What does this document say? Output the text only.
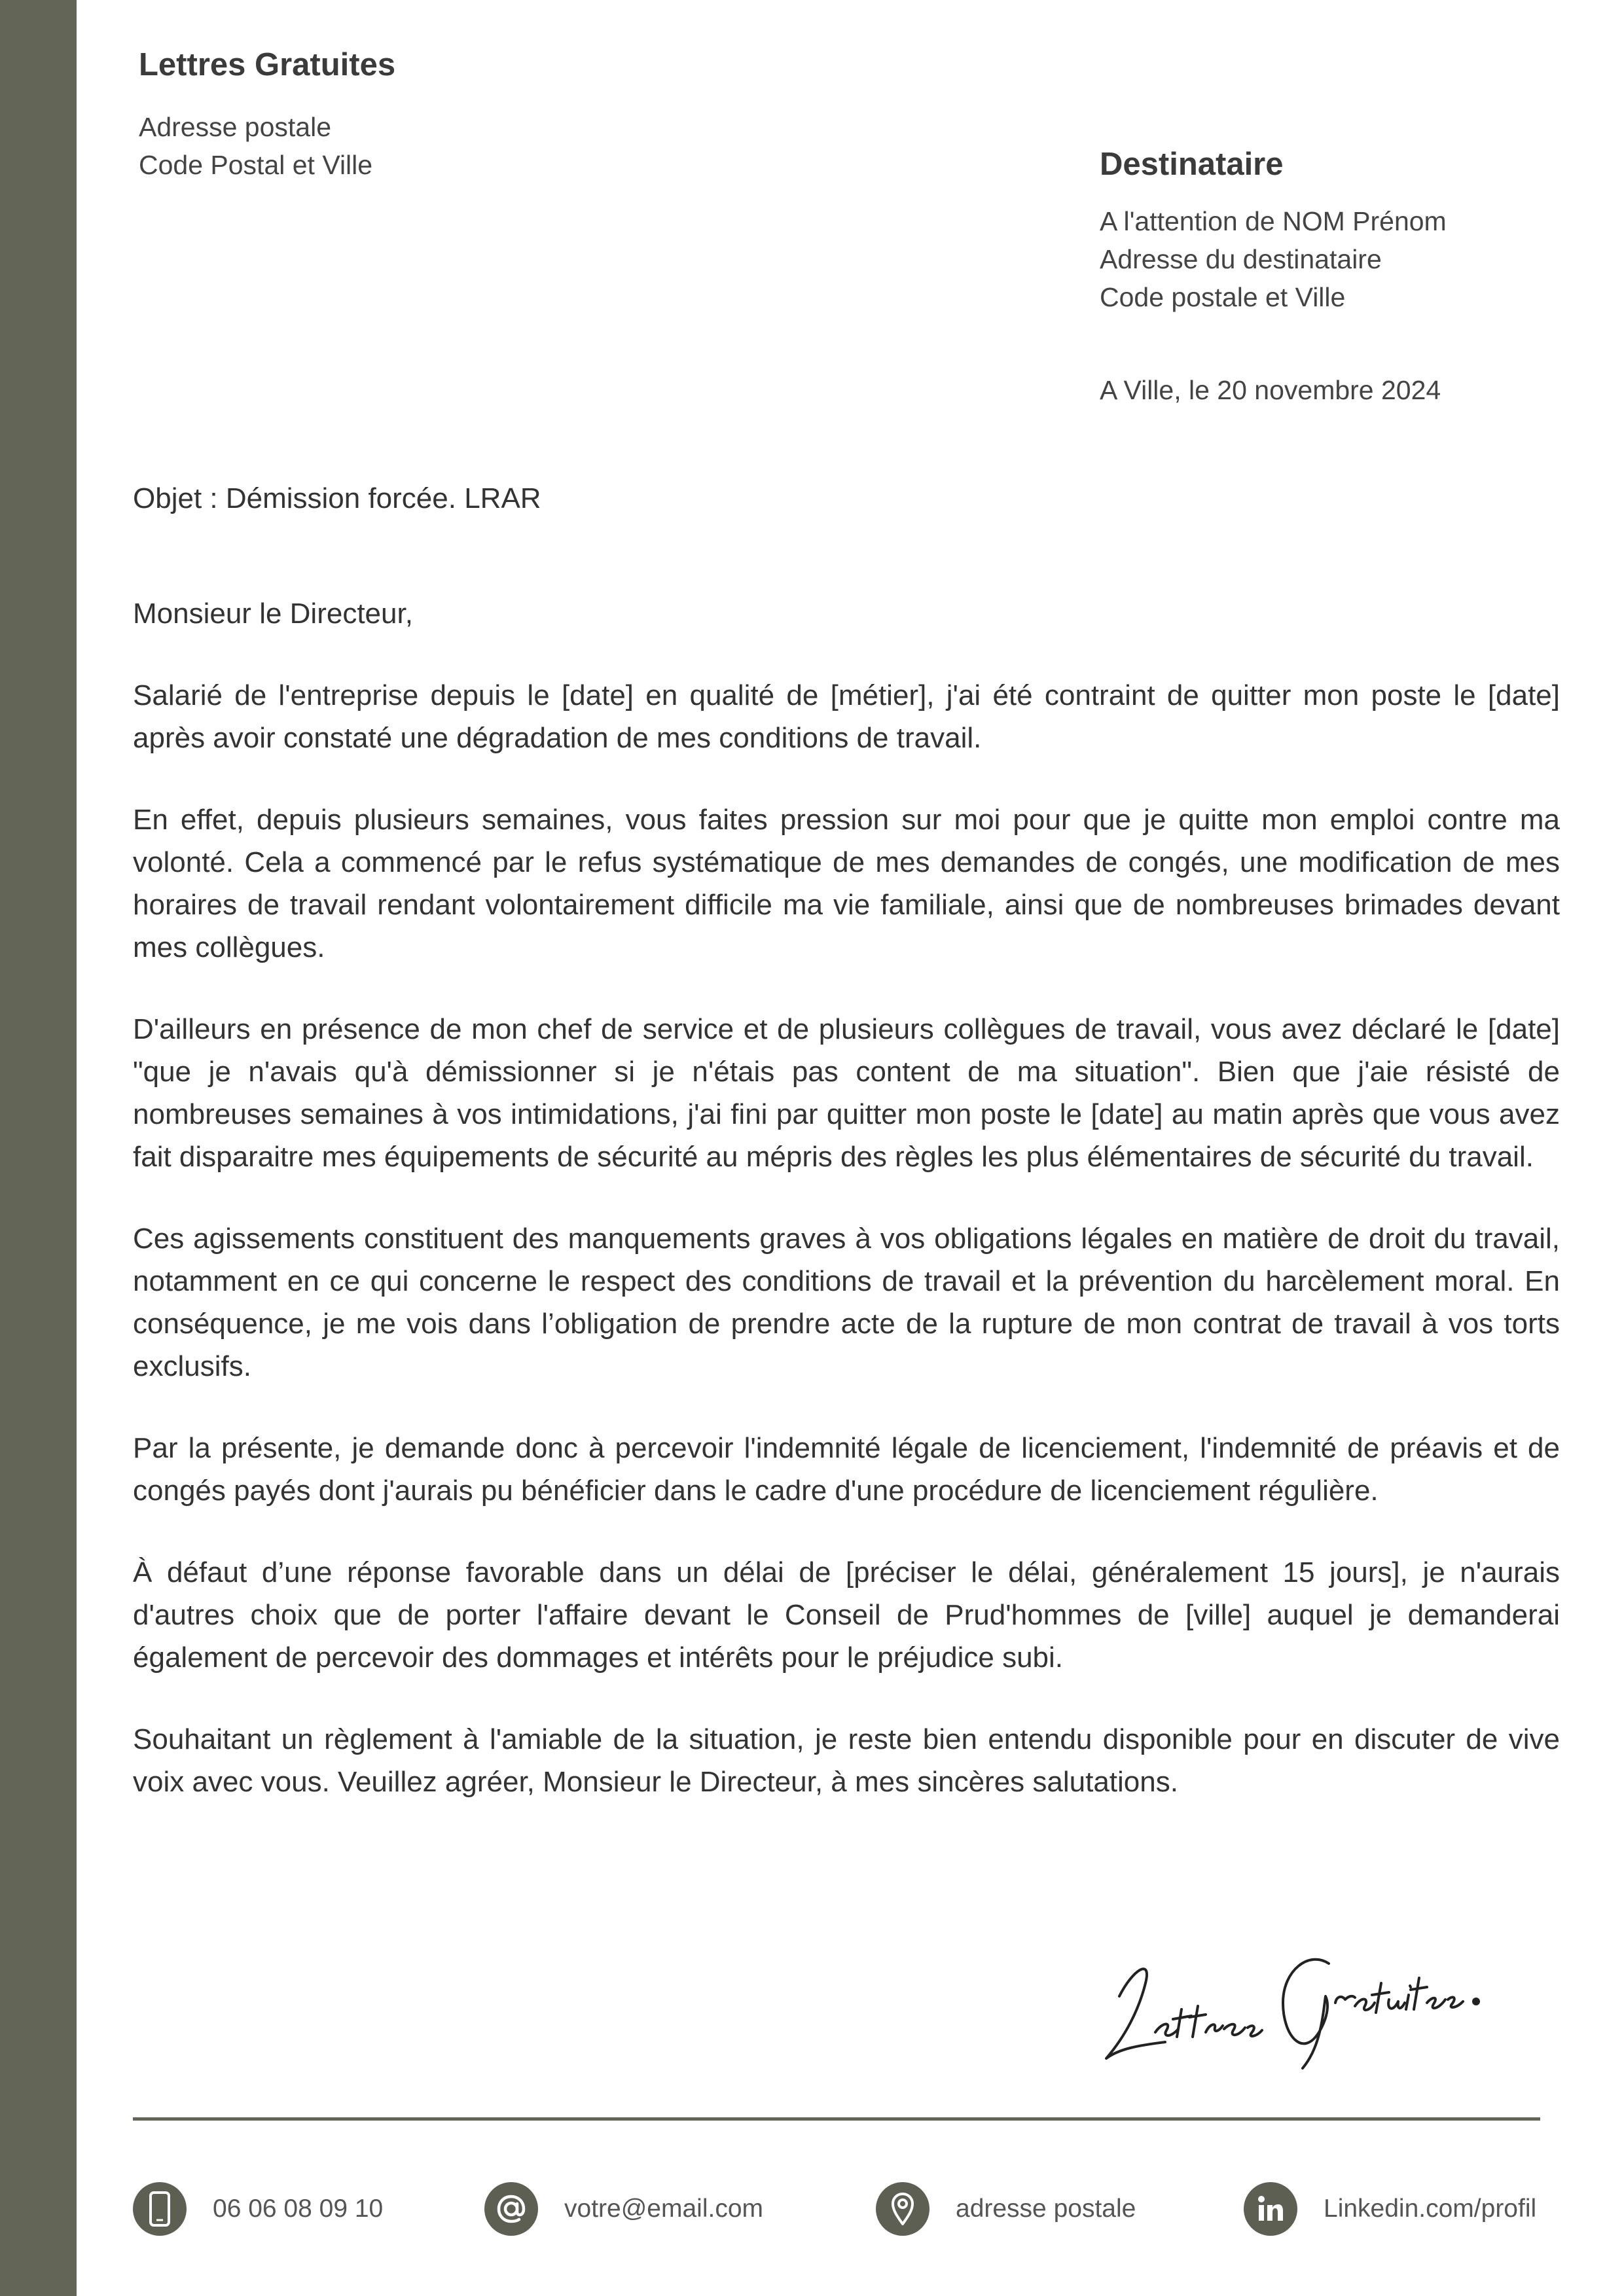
Lettres Gratuites
Adresse postale
Code Postal et Ville	Destinataire
A l'attention de NOM Prénom
Adresse du destinataire
Code postale et Ville
A Ville, le 20 novembre 2024
Objet : Démission forcée. LRAR

Monsieur le Directeur,

Salarié de l'entreprise depuis le [date] en qualité de [métier], j'ai été contraint de quitter mon poste le [date] après avoir constaté une dégradation de mes conditions de travail.

En effet, depuis plusieurs semaines, vous faites pression sur moi pour que je quitte mon emploi contre ma volonté. Cela a commencé par le refus systématique de mes demandes de congés, une modification de mes horaires de travail rendant volontairement difficile ma vie familiale, ainsi que de nombreuses brimades devant mes collègues.

D'ailleurs en présence de mon chef de service et de plusieurs collègues de travail, vous avez déclaré le [date] "que je n'avais qu'à démissionner si je n'étais pas content de ma situation". Bien que j'aie résisté de nombreuses semaines à vos intimidations, j'ai fini par quitter mon poste le [date] au matin après que vous avez fait disparaitre mes équipements de sécurité au mépris des règles les plus élémentaires de sécurité du travail.

Ces agissements constituent des manquements graves à vos obligations légales en matière de droit du travail, notamment en ce qui concerne le respect des conditions de travail et la prévention du harcèlement moral. En conséquence, je me vois dans l’obligation de prendre acte de la rupture de mon contrat de travail à vos torts exclusifs.

Par la présente, je demande donc à percevoir l'indemnité légale de licenciement, l'indemnité de préavis et de congés payés dont j'aurais pu bénéficier dans le cadre d'une procédure de licenciement régulière.

À défaut d’une réponse favorable dans un délai de [préciser le délai, généralement 15 jours], je n'aurais d'autres choix que de porter l'affaire devant le Conseil de Prud'hommes de [ville] auquel je demanderai également de percevoir des dommages et intérêts pour le préjudice subi.

Souhaitant un règlement à l'amiable de la situation, je reste bien entendu disponible pour en discuter de vive voix avec vous. Veuillez agréer, Monsieur le Directeur, à mes sincères salutations.

06 06 08 09 10	votre@email.com	adresse postale	Linkedin.com/profil
